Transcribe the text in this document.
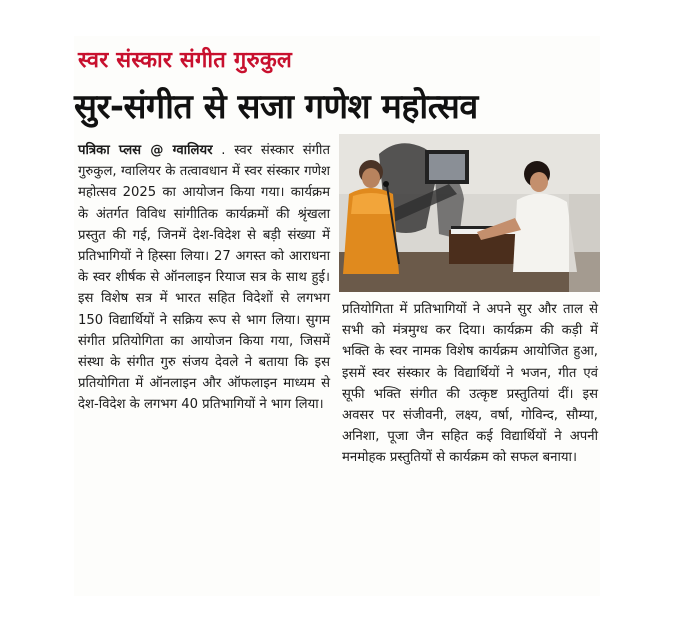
स्वर संस्कार संगीत गुरुकुल
सुर-संगीत से सजा गणेश महोत्सव
पत्रिका प्लस @ ग्वालियर . स्वर संस्कार संगीत गुरुकुल, ग्वालियर के तत्वावधान में स्वर संस्कार गणेश महोत्सव 2025 का आयोजन किया गया। कार्यक्रम के अंतर्गत विविध सांगीतिक कार्यक्रमों की श्रृंखला प्रस्तुत की गई, जिनमें देश-विदेश से बड़ी संख्या में प्रतिभागियों ने हिस्सा लिया। 27 अगस्त को आराधना के स्वर शीर्षक से ऑनलाइन रियाज सत्र के साथ हुई। इस विशेष सत्र में भारत सहित विदेशों से लगभग 150 विद्यार्थियों ने सक्रिय रूप से भाग लिया। सुगम संगीत प्रतियोगिता का आयोजन किया गया, जिसमें संस्था के संगीत गुरु संजय देवले ने बताया कि इस प्रतियोगिता में ऑनलाइन और ऑफलाइन माध्यम से देश-विदेश के लगभग 40 प्रतिभागियों ने भाग लिया।
प्रतियोगिता में प्रतिभागियों ने अपने सुर और ताल से सभी को मंत्रमुग्ध कर दिया। कार्यक्रम की कड़ी में भक्ति के स्वर नामक विशेष कार्यक्रम आयोजित हुआ, इसमें स्वर संस्कार के विद्यार्थियों ने भजन, गीत एवं सूफी भक्ति संगीत की उत्कृष्ट प्रस्तुतियां दीं। इस अवसर पर संजीवनी, लक्ष्य, वर्षा, गोविन्द, सौम्या, अनिशा, पूजा जैन सहित कई विद्यार्थियों ने अपनी मनमोहक प्रस्तुतियों से कार्यक्रम को सफल बनाया।
